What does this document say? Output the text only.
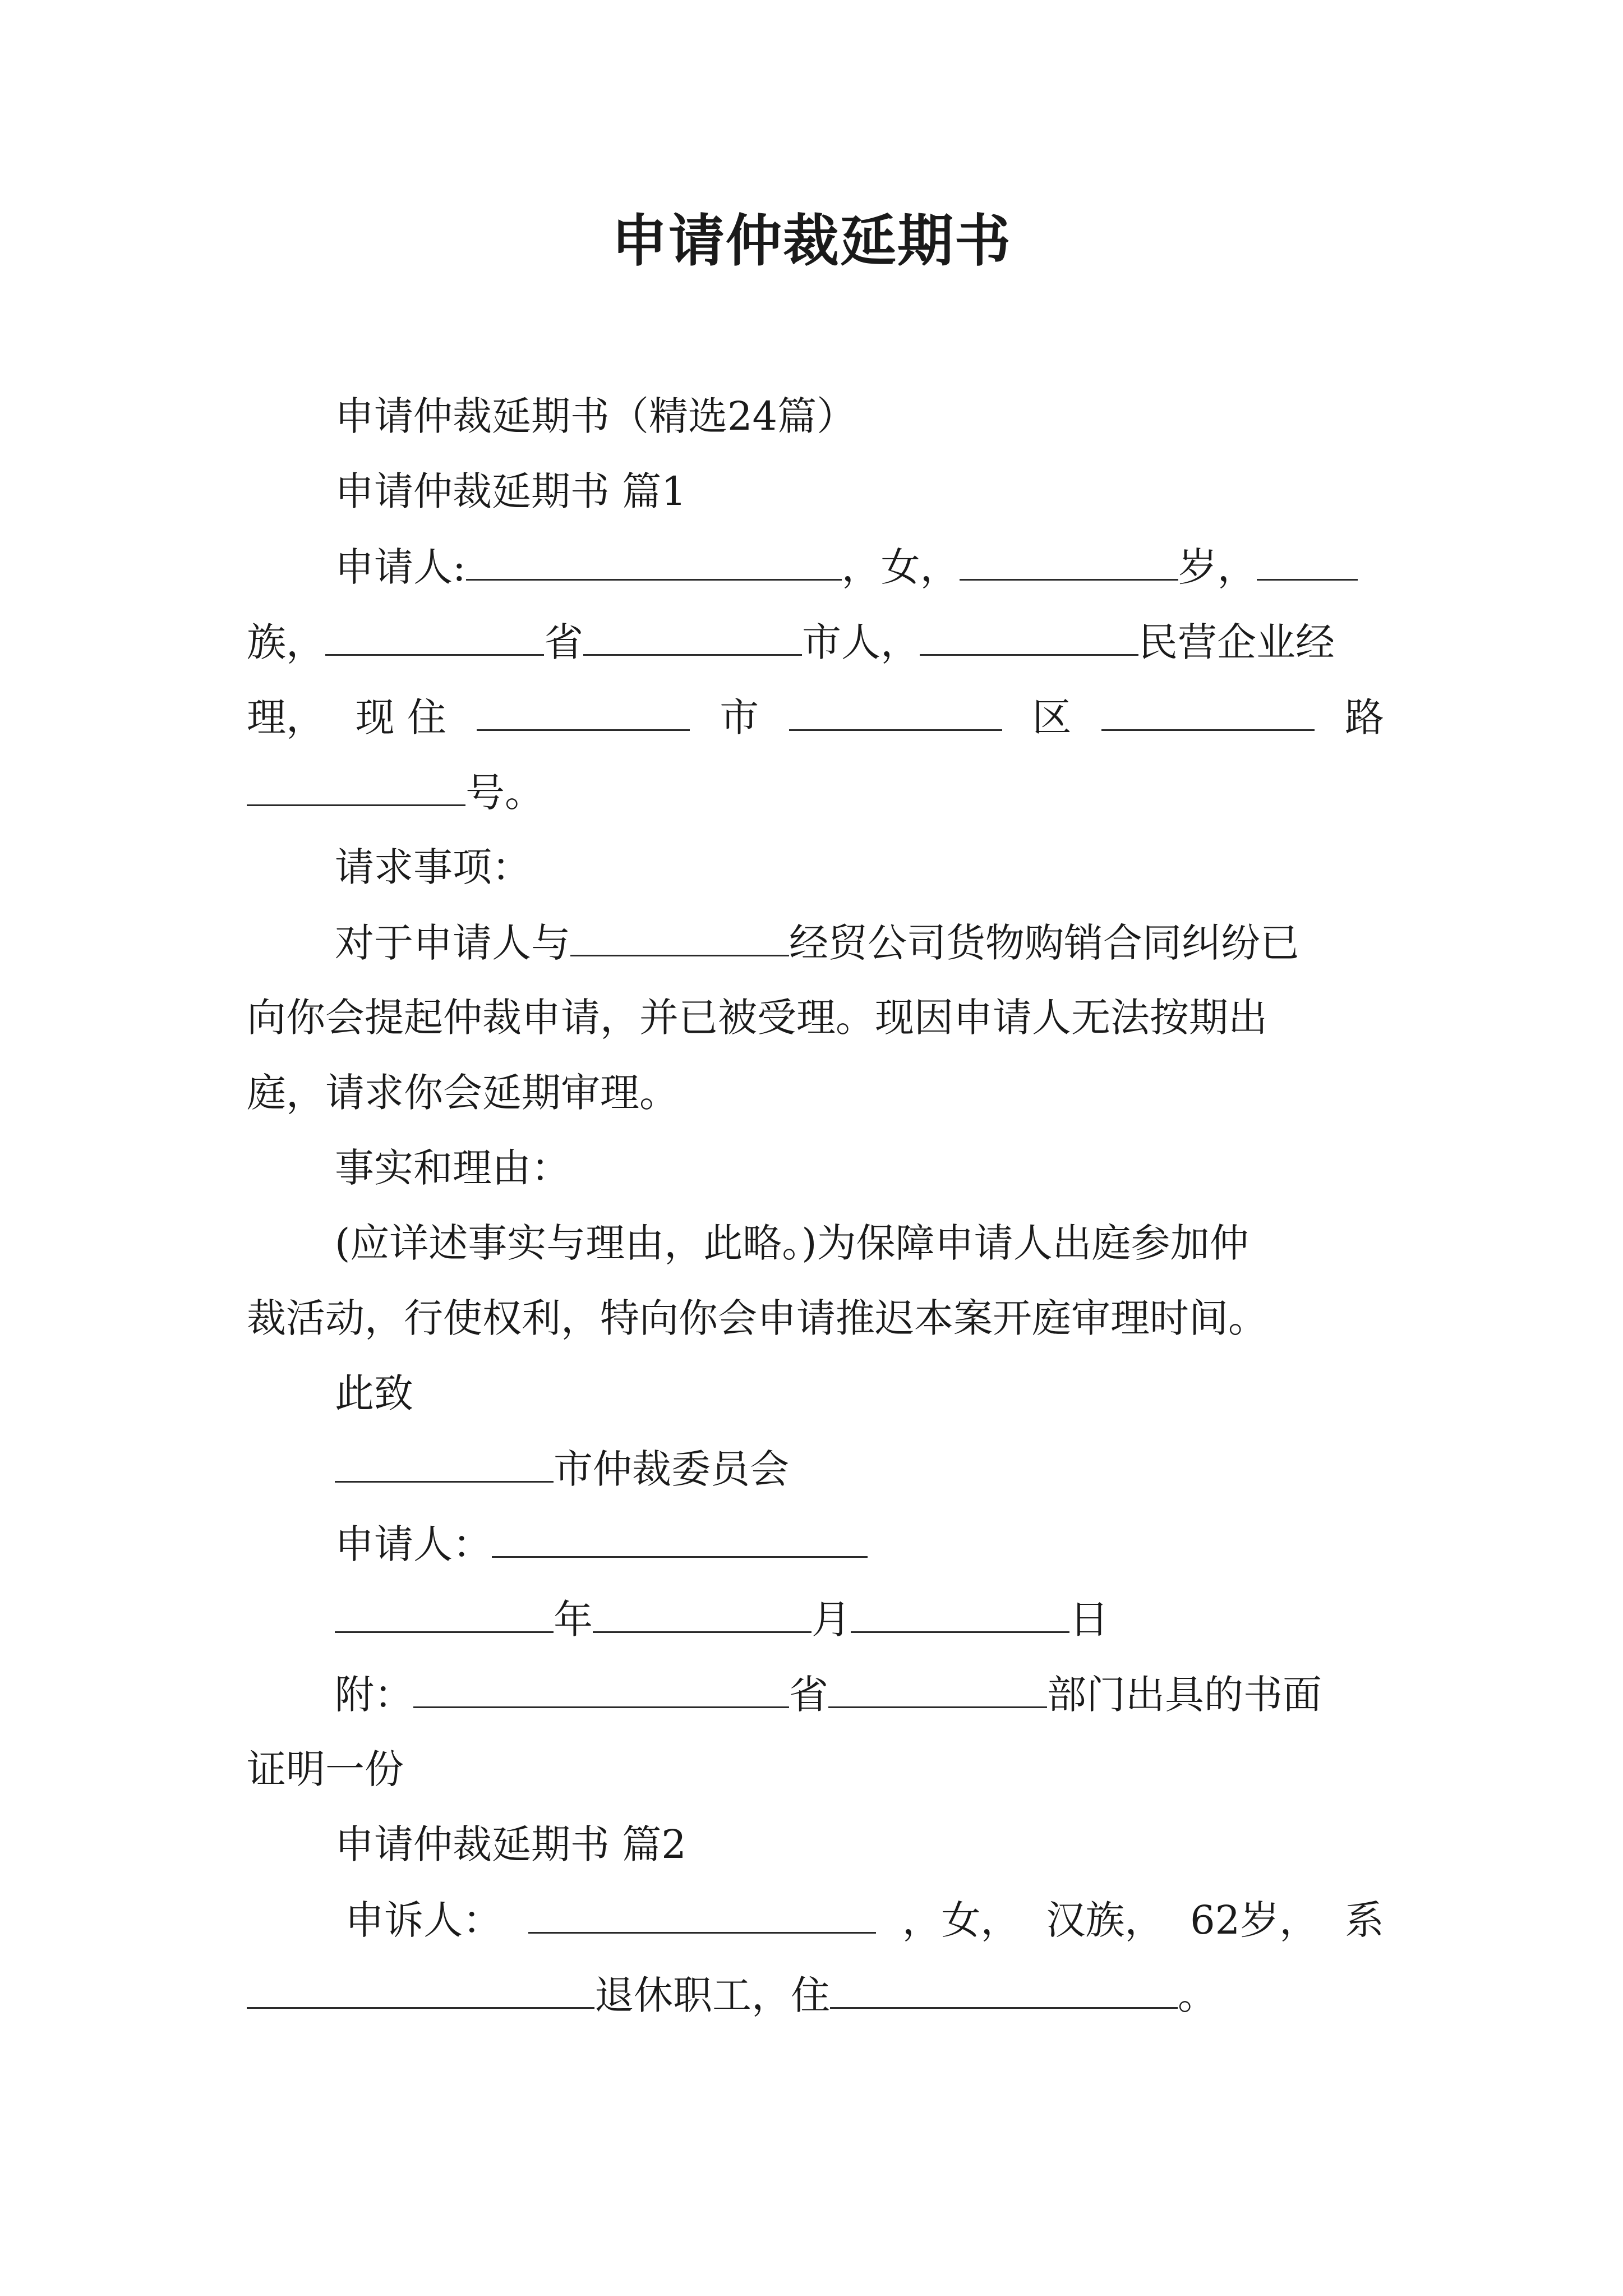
申请仲裁延期书
申请仲裁延期书（精选24篇）
申请仲裁延期书 篇1
申请人:	，女，	岁，
族，	省	市人，	民营企业经
理， 现 住	市	区	路
号。
请求事项：
对于申请人与	经贸公司货物购销合同纠纷已
向你会提起仲裁申请，并已被受理。现因申请人无法按期出
庭，请求你会延期审理。
事实和理由：
(应详述事实与理由，此略。)为保障申请人出庭参加仲
裁活动，行使权利，特向你会申请推迟本案开庭审理时间。
此致
市仲裁委员会
申请人：
年	月	日
附：	省	部门出具的书面
证明一份
申请仲裁延期书 篇2
申诉人：	，女， 汉族， 62岁， 系
退休职工，住	。
